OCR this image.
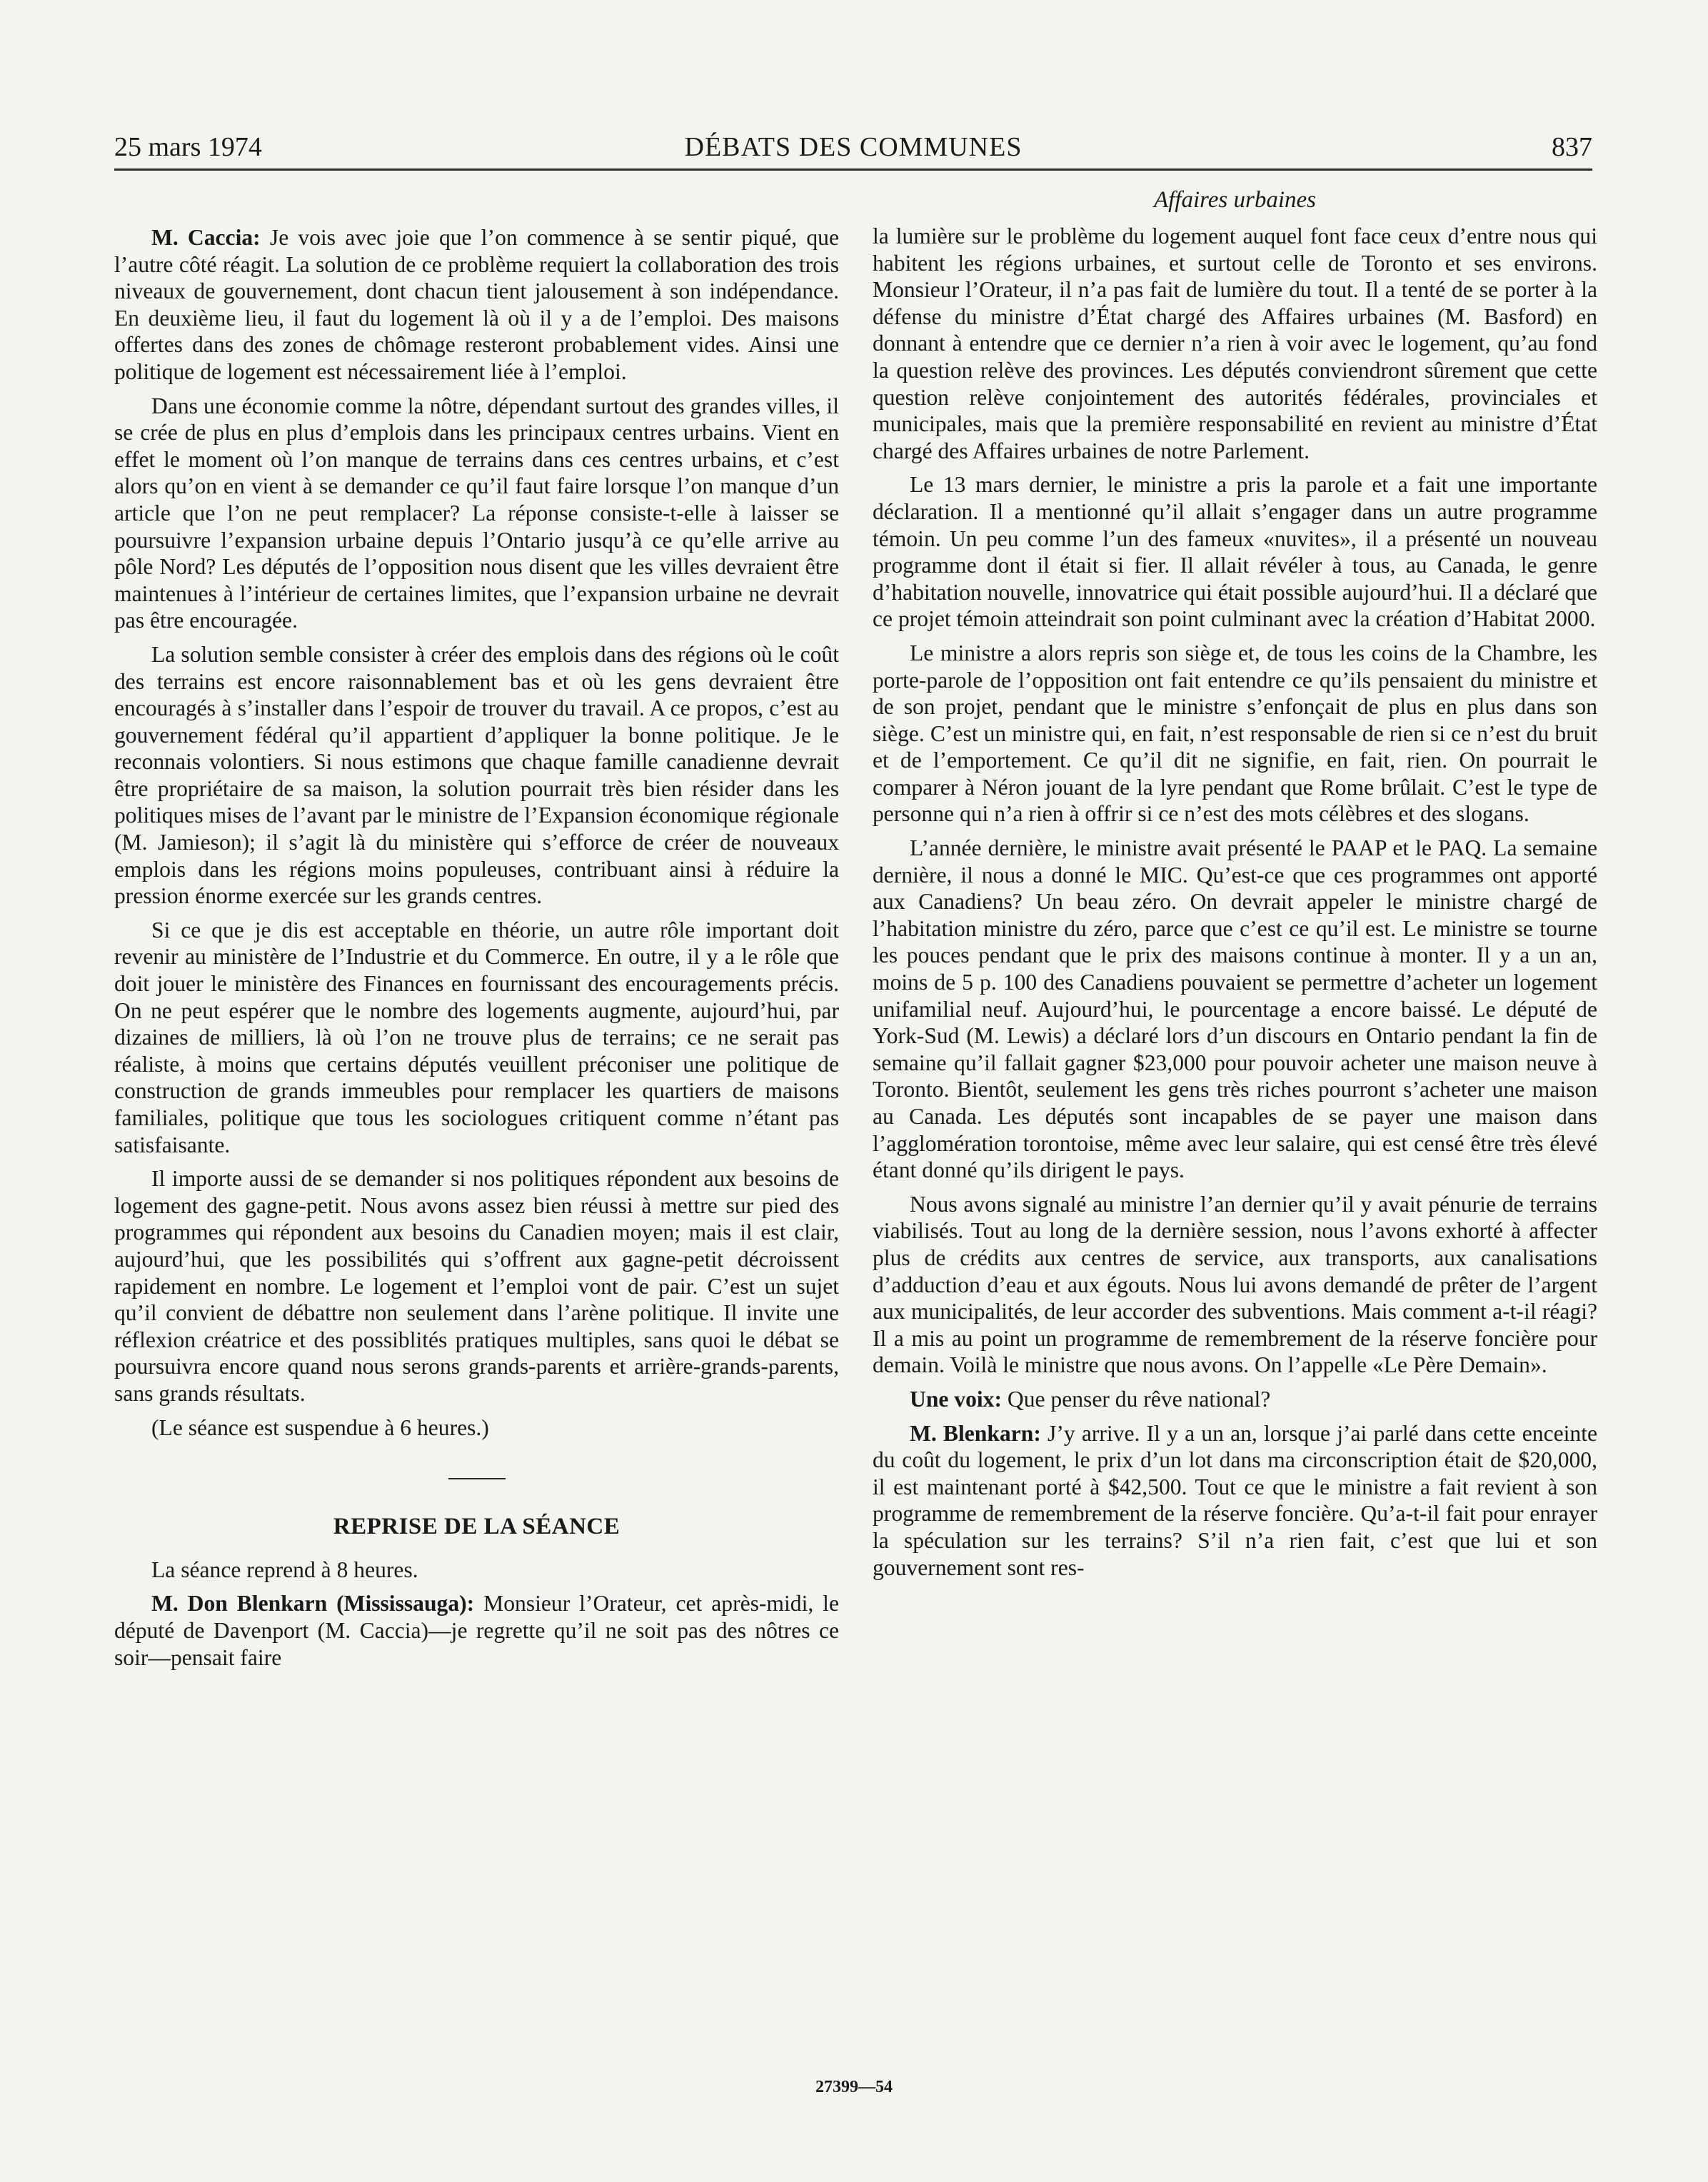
25 mars 1974	DÉBATS DES COMMUNES	837
Affaires urbaines

M. Caccia: Je vois avec joie que l’on commence à se sentir piqué, que l’autre côté réagit. La solution de ce problème requiert la collaboration des trois niveaux de gouvernement, dont chacun tient jalousement à son indépendance. En deuxième lieu, il faut du logement là où il y a de l’emploi. Des maisons offertes dans des zones de chômage resteront probablement vides. Ainsi une politique de logement est nécessairement liée à l’emploi.

Dans une économie comme la nôtre, dépendant surtout des grandes villes, il se crée de plus en plus d’emplois dans les principaux centres urbains. Vient en effet le moment où l’on manque de terrains dans ces centres urbains, et c’est alors qu’on en vient à se demander ce qu’il faut faire lorsque l’on manque d’un article que l’on ne peut remplacer? La réponse consiste-t-elle à laisser se poursuivre l’expansion urbaine depuis l’Ontario jusqu’à ce qu’elle arrive au pôle Nord? Les députés de l’opposition nous disent que les villes devraient être maintenues à l’intérieur de certaines limites, que l’expansion urbaine ne devrait pas être encouragée.

La solution semble consister à créer des emplois dans des régions où le coût des terrains est encore raisonnablement bas et où les gens devraient être encouragés à s’installer dans l’espoir de trouver du travail. A ce propos, c’est au gouvernement fédéral qu’il appartient d’appliquer la bonne politique. Je le reconnais volontiers. Si nous estimons que chaque famille canadienne devrait être propriétaire de sa maison, la solution pourrait très bien résider dans les politiques mises de l’avant par le ministre de l’Expansion économique régionale (M. Jamieson); il s’agit là du ministère qui s’efforce de créer de nouveaux emplois dans les régions moins populeuses, contribuant ainsi à réduire la pression énorme exercée sur les grands centres.

Si ce que je dis est acceptable en théorie, un autre rôle important doit revenir au ministère de l’Industrie et du Commerce. En outre, il y a le rôle que doit jouer le ministère des Finances en fournissant des encouragements précis. On ne peut espérer que le nombre des logements augmente, aujourd’hui, par dizaines de milliers, là où l’on ne trouve plus de terrains; ce ne serait pas réaliste, à moins que certains députés veuillent préconiser une politique de construction de grands immeubles pour remplacer les quartiers de maisons familiales, politique que tous les sociologues critiquent comme n’étant pas satisfaisante.

Il importe aussi de se demander si nos politiques répondent aux besoins de logement des gagne-petit. Nous avons assez bien réussi à mettre sur pied des programmes qui répondent aux besoins du Canadien moyen; mais il est clair, aujourd’hui, que les possibilités qui s’offrent aux gagne-petit décroissent rapidement en nombre. Le logement et l’emploi vont de pair. C’est un sujet qu’il convient de débattre non seulement dans l’arène politique. Il invite une réflexion créatrice et des possiblités pratiques multiples, sans quoi le débat se poursuivra encore quand nous serons grands-parents et arrière-grands-parents, sans grands résultats.

(Le séance est suspendue à 6 heures.)

REPRISE DE LA SÉANCE

La séance reprend à 8 heures.

M. Don Blenkarn (Mississauga): Monsieur l’Orateur, cet après-midi, le député de Davenport (M. Caccia)—je regrette qu’il ne soit pas des nôtres ce soir—pensait faire

la lumière sur le problème du logement auquel font face ceux d’entre nous qui habitent les régions urbaines, et surtout celle de Toronto et ses environs. Monsieur l’Orateur, il n’a pas fait de lumière du tout. Il a tenté de se porter à la défense du ministre d’État chargé des Affaires urbaines (M. Basford) en donnant à entendre que ce dernier n’a rien à voir avec le logement, qu’au fond la question relève des provinces. Les députés conviendront sûrement que cette question relève conjointement des autorités fédérales, provinciales et municipales, mais que la première responsabilité en revient au ministre d’État chargé des Affaires urbaines de notre Parlement.

Le 13 mars dernier, le ministre a pris la parole et a fait une importante déclaration. Il a mentionné qu’il allait s’engager dans un autre programme témoin. Un peu comme l’un des fameux «nuvites», il a présenté un nouveau programme dont il était si fier. Il allait révéler à tous, au Canada, le genre d’habitation nouvelle, innovatrice qui était possible aujourd’hui. Il a déclaré que ce projet témoin atteindrait son point culminant avec la création d’Habitat 2000.

Le ministre a alors repris son siège et, de tous les coins de la Chambre, les porte-parole de l’opposition ont fait entendre ce qu’ils pensaient du ministre et de son projet, pendant que le ministre s’enfonçait de plus en plus dans son siège. C’est un ministre qui, en fait, n’est responsable de rien si ce n’est du bruit et de l’emportement. Ce qu’il dit ne signifie, en fait, rien. On pourrait le comparer à Néron jouant de la lyre pendant que Rome brûlait. C’est le type de personne qui n’a rien à offrir si ce n’est des mots célèbres et des slogans.

L’année dernière, le ministre avait présenté le PAAP et le PAQ. La semaine dernière, il nous a donné le MIC. Qu’est-ce que ces programmes ont apporté aux Canadiens? Un beau zéro. On devrait appeler le ministre chargé de l’habitation ministre du zéro, parce que c’est ce qu’il est. Le ministre se tourne les pouces pendant que le prix des maisons continue à monter. Il y a un an, moins de 5 p. 100 des Canadiens pouvaient se permettre d’acheter un logement unifamilial neuf. Aujourd’hui, le pourcentage a encore baissé. Le député de York-Sud (M. Lewis) a déclaré lors d’un discours en Ontario pendant la fin de semaine qu’il fallait gagner $23,000 pour pouvoir acheter une maison neuve à Toronto. Bientôt, seulement les gens très riches pourront s’acheter une maison au Canada. Les députés sont incapables de se payer une maison dans l’agglomération torontoise, même avec leur salaire, qui est censé être très élevé étant donné qu’ils dirigent le pays.

Nous avons signalé au ministre l’an dernier qu’il y avait pénurie de terrains viabilisés. Tout au long de la dernière session, nous l’avons exhorté à affecter plus de crédits aux centres de service, aux transports, aux canalisations d’adduction d’eau et aux égouts. Nous lui avons demandé de prêter de l’argent aux municipalités, de leur accorder des subventions. Mais comment a-t-il réagi? Il a mis au point un programme de remembrement de la réserve foncière pour demain. Voilà le ministre que nous avons. On l’appelle «Le Père Demain».

Une voix: Que penser du rêve national?

M. Blenkarn: J’y arrive. Il y a un an, lorsque j’ai parlé dans cette enceinte du coût du logement, le prix d’un lot dans ma circonscription était de $20,000, il est maintenant porté à $42,500. Tout ce que le ministre a fait revient à son programme de remembrement de la réserve foncière. Qu’a-t-il fait pour enrayer la spéculation sur les terrains? S’il n’a rien fait, c’est que lui et son gouvernement sont res-

27399—54
